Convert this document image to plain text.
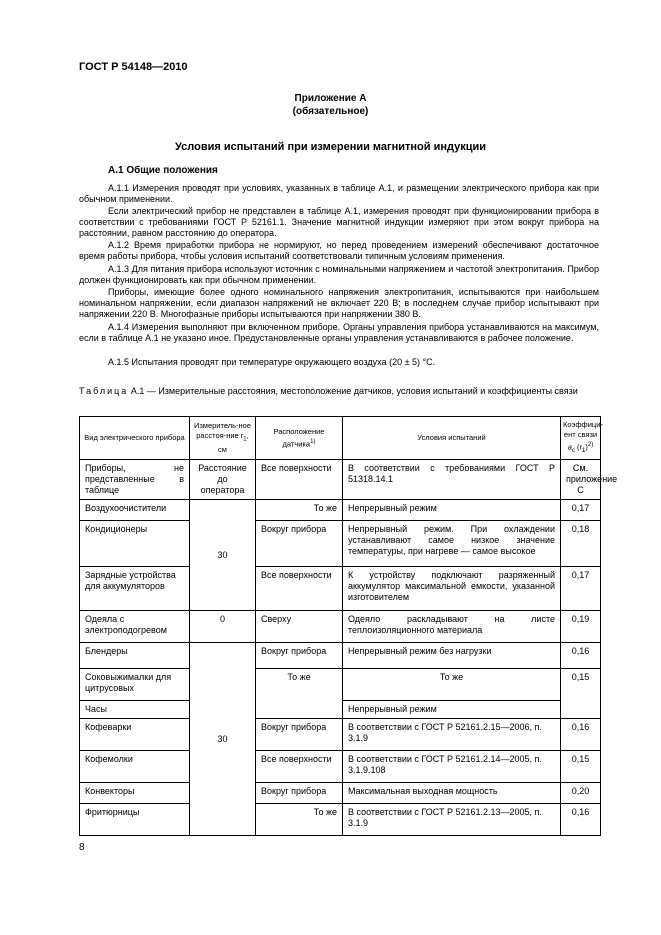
ГОСТ Р 54148—2010
Приложение А
(обязательное)
Условия испытаний при измерении магнитной индукции
А.1 Общие положения

А.1.1 Измерения проводят при условиях, указанных в таблице А.1, и размещении электрического прибора как при обычном применении.

Если электрический прибор не представлен в таблице А.1, измерения проводят при функционировании прибора в соответствии с требованиями ГОСТ Р 52161.1. Значение магнитной индукции измеряют при этом вокруг прибора на расстоянии, равном расстоянию до оператора.

А.1.2 Время приработки прибора не нормируют, но перед проведением измерений обеспечивают достаточное время работы прибора, чтобы условия испытаний соответствовали типичным условиям применения.

А.1.3 Для питания прибора используют источник с номинальными напряжением и частотой электропитания. Прибор должен функционировать как при обычном применении.

Приборы, имеющие более одного номинального напряжения электропитания, испытываются при наибольшем номинальном напряжении, если диапазон напряжений не включает 220 В; в последнем случае прибор испытывают при напряжении 220 В. Многофазные приборы испытываются при напряжении 380 В.

А.1.4 Измерения выполняют при включенном приборе. Органы управления прибора устанавливаются на максимум, если в таблице А.1 не указано иное. Предустановленные органы управления устанавливаются в рабочее положение.

А.1.5 Испытания проводят при температуре окружающего воздуха (20 ± 5) °С.

Таблица А.1 — Измерительные расстояния, местоположение датчиков, условия испытаний и коэффициенты связи
Вид электрического прибора	Измеритель-ное расстоя-ние $r_1$, см	Расположение датчика$^{1)}$	Условия испытаний	Коэффици-ент связи
$a_c$ $(r_1)^{2)}$
Приборы, не представленные в таблице	Расстояние до оператора	Все поверхности	В соответствии с требованиями ГОСТ Р 51318.14.1	См. приложение С
Воздухоочистители	30	То же	Непрерывный режим	0,17
Кондиционеры		Вокруг прибора	Непрерывный режим. При охлаждении устанавливают самое низкое значение температуры, при нагреве — самое высокое	0,18
Зарядные устройства для аккумуляторов		Все поверхности	К устройству подключают разряженный аккумулятор максимальной емкости, указанной изготовителем	0,17
Одеяла с электроподогревом	0	Сверху	Одеяло раскладывают на листе теплоизоляционного материала	0,19
Блендеры	30	Вокруг прибора	Непрерывный режим без нагрузки	0,16
Соковыжималки для цитрусовых		То же	То же	0,15
Часы			Непрерывный режим	
Кофеварки		Вокруг прибора	В соответствии с ГОСТ Р 52161.2.15—2006, п. 3.1.9	0,16
Кофемолки		Все поверхности	В соответствии с ГОСТ Р 52161.2.14—2005, п. 3.1.9.108	0,15
Конвекторы		Вокруг прибора	Максимальная выходная мощность	0,20
Фритюрницы		То же	В соответствии с ГОСТ Р 52161.2.13—2005, п. 3.1.9	0,16
8
